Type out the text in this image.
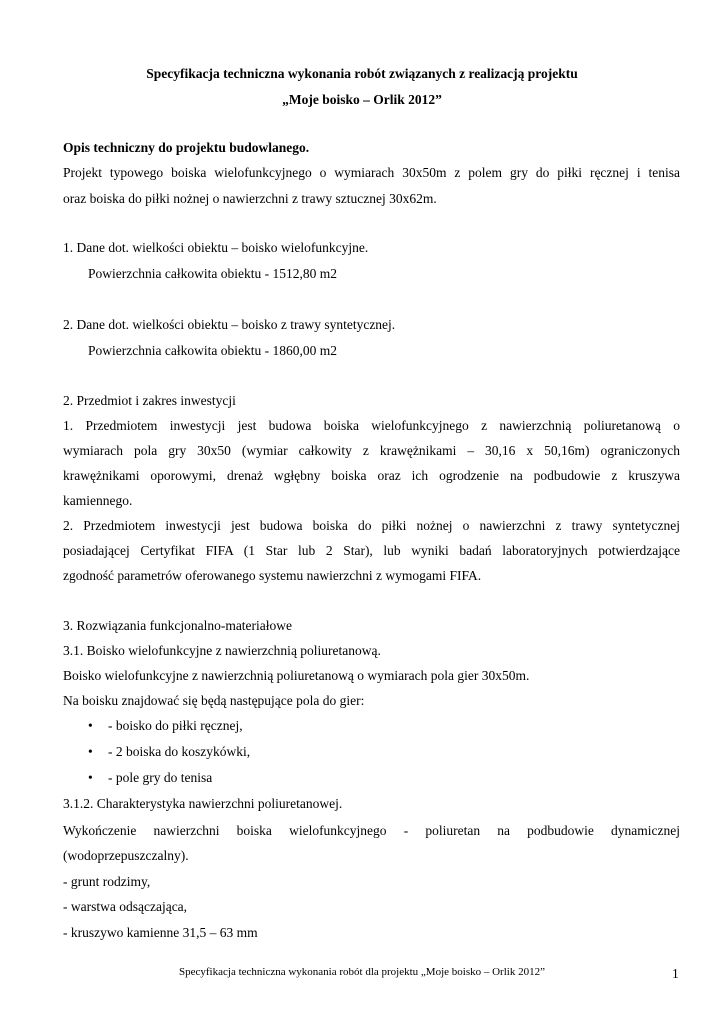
Specyfikacja techniczna wykonania robót związanych z realizacją projektu
„Moje boisko – Orlik 2012”
Opis techniczny do projektu budowlanego.
Projekt typowego boiska wielofunkcyjnego o wymiarach 30x50m z polem gry do piłki ręcznej i tenisa
oraz boiska do piłki nożnej o nawierzchni z trawy sztucznej 30x62m.
1. Dane dot. wielkości obiektu – boisko wielofunkcyjne.
Powierzchnia całkowita obiektu - 1512,80 m2
2. Dane dot. wielkości obiektu – boisko z trawy syntetycznej.
Powierzchnia całkowita obiektu - 1860,00 m2
2. Przedmiot i zakres inwestycji
1. Przedmiotem inwestycji jest budowa boiska wielofunkcyjnego z nawierzchnią poliuretanową o
wymiarach pola gry 30x50 (wymiar całkowity z krawężnikami – 30,16 x 50,16m) ograniczonych
krawężnikami oporowymi, drenaż wgłębny boiska oraz ich ogrodzenie na podbudowie z kruszywa
kamiennego.
2. Przedmiotem inwestycji jest budowa boiska do piłki nożnej o nawierzchni z trawy syntetycznej
posiadającej Certyfikat FIFA (1 Star lub 2 Star), lub wyniki badań laboratoryjnych potwierdzające
zgodność parametrów oferowanego systemu nawierzchni z wymogami FIFA.
3. Rozwiązania funkcjonalno-materiałowe
3.1. Boisko wielofunkcyjne z nawierzchnią poliuretanową.
Boisko wielofunkcyjne z nawierzchnią poliuretanową o wymiarach pola gier 30x50m.
Na boisku znajdować się będą następujące pola do gier:
• - boisko do piłki ręcznej,
• - 2 boiska do koszykówki,
• - pole gry do tenisa
3.1.2. Charakterystyka nawierzchni poliuretanowej.
Wykończenie nawierzchni boiska wielofunkcyjnego - poliuretan na podbudowie dynamicznej
(wodoprzepuszczalny).
- grunt rodzimy,
- warstwa odsączająca,
- kruszywo kamienne 31,5 – 63 mm
Specyfikacja techniczna wykonania robót dla projektu „Moje boisko – Orlik 2012”	1
